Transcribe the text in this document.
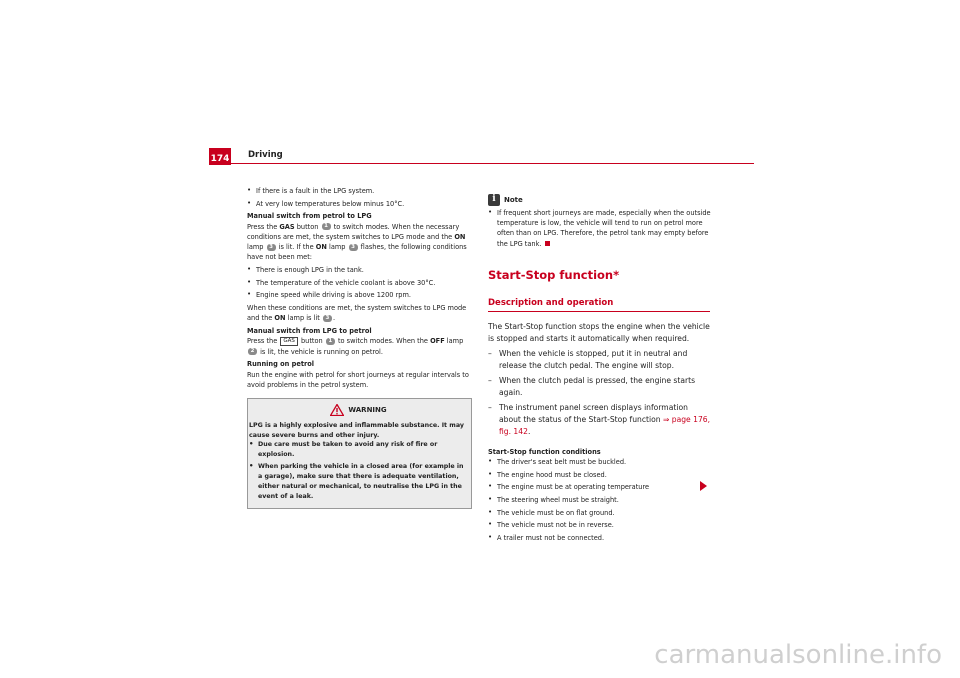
174 Driving
• If there is a fault in the LPG system.
• At very low temperatures below minus 10°C.
Manual switch from petrol to LPG

Press the GAS button 1 to switch modes. When the necessary conditions are met, the system switches to LPG mode and the ON lamp 3 is lit. If the ON lamp 3 flashes, the following conditions have not been met:

• There is enough LPG in the tank.
• The temperature of the vehicle coolant is above 30°C.
• Engine speed while driving is above 1200 rpm.

When these conditions are met, the system switches to LPG mode and the ON lamp is lit 3 .

Manual switch from LPG to petrol

Press the GAS button 1 to switch modes. When the OFF lamp 2 is lit, the vehicle is running on petrol.

Running on petrol

Run the engine with petrol for short journeys at regular intervals to avoid problems in the petrol system.

WARNING
LPG is a highly explosive and inflammable substance. It may cause severe burns and other injury.
• Due care must be taken to avoid any risk of fire or explosion.
• When parking the vehicle in a closed area (for example in a garage), make sure that there is adequate ventilation, either natural or mechanical, to neutralise the LPG in the event of a leak.
i	Note
• If frequent short journeys are made, especially when the outside temperature is low, the vehicle will tend to run on petrol more often than on LPG. Therefore, the petrol tank may empty before the LPG tank.
Start-Stop function*
Description and operation

The Start-Stop function stops the engine when the vehicle is stopped and starts it automatically when required.

– When the vehicle is stopped, put it in neutral and release the clutch pedal. The engine will stop.
– When the clutch pedal is pressed, the engine starts again.
– The instrument panel screen displays information about the status of the Start-Stop function ⇒ page 176, fig. 142.
Start-Stop function conditions
• The driver's seat belt must be buckled.
• The engine hood must be closed.
• The engine must be at operating temperature
• The steering wheel must be straight.
• The vehicle must be on flat ground.
• The vehicle must not be in reverse.
• A trailer must not be connected.
carmanualsonline.info
